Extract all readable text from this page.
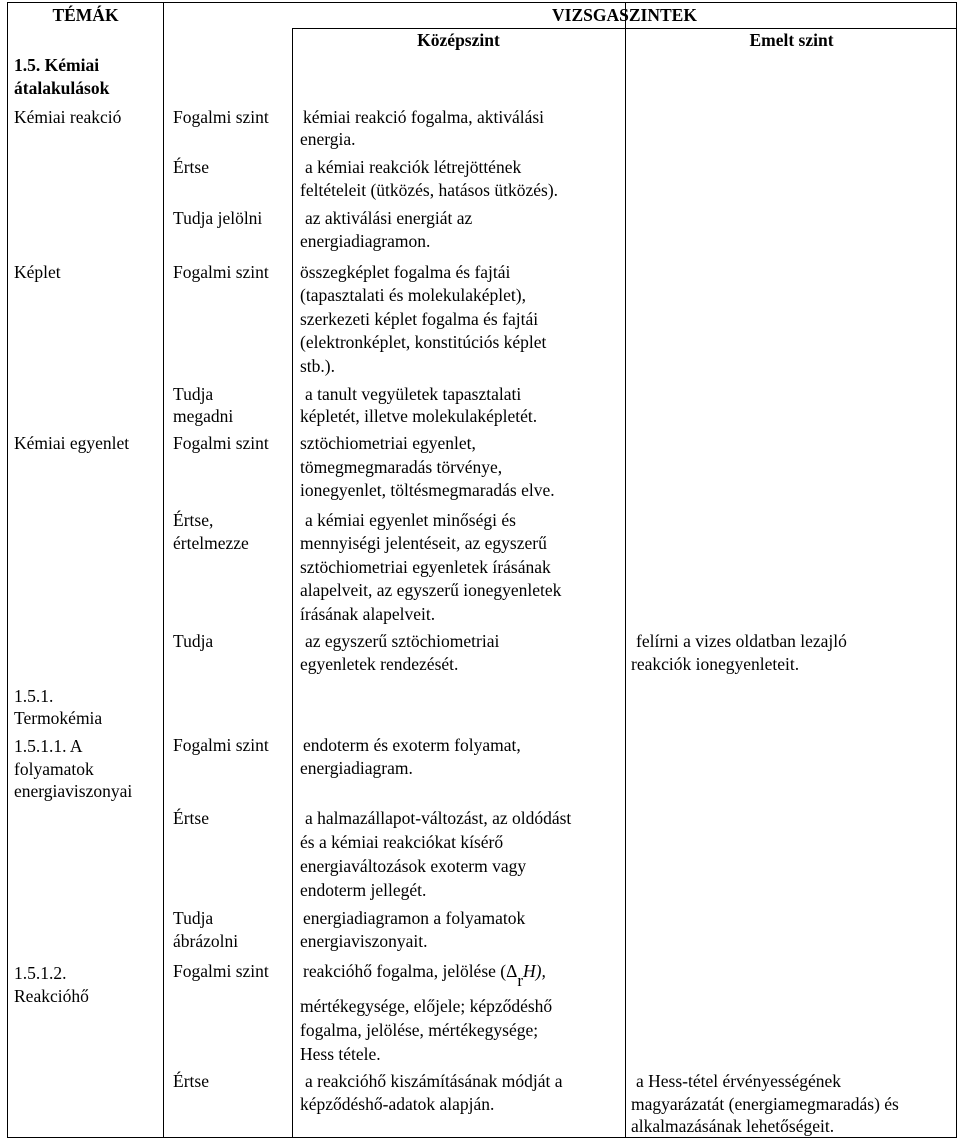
TÉMÁK	VIZSGASZINTEK
Középszint	Emelt szint
1.5. Kémiai
átalakulások
Kémiai reakció
Képlet
Kémiai egyenlet
1.5.1.
Termokémia
1.5.1.1. A
folyamatok
energiaviszonyai
1.5.1.2.
Reakcióhő
Fogalmi szint
Értse
Tudja jelölni
Fogalmi szint
Tudja
megadni
Fogalmi szint
Értse,
értelmezze
Tudja
Fogalmi szint
Értse
Tudja
ábrázolni
Fogalmi szint
Értse
kémiai reakció fogalma, aktiválási
energia.
a kémiai reakciók létrejöttének
feltételeit (ütközés, hatásos ütközés).
az aktiválási energiát az
energiadiagramon.
összegképlet fogalma és fajtái
(tapasztalati és molekulaképlet),
szerkezeti képlet fogalma és fajtái
(elektronképlet, konstitúciós képlet
stb.).
a tanult vegyületek tapasztalati
képletét, illetve molekulaképletét.
sztöchiometriai egyenlet,
tömegmegmaradás törvénye,
ionegyenlet, töltésmegmaradás elve.
a kémiai egyenlet minőségi és
mennyiségi jelentéseit, az egyszerű
sztöchiometriai egyenletek írásának
alapelveit, az egyszerű ionegyenletek
írásának alapelveit.
az egyszerű sztöchiometriai
egyenletek rendezését.
endoterm és exoterm folyamat,
energiadiagram.
a halmazállapot-változást, az oldódást
és a kémiai reakciókat kísérő
energiaváltozások exoterm vagy
endoterm jellegét.
energiadiagramon a folyamatok
energiaviszonyait.
reakcióhő fogalma, jelölése (ΔrH),
mértékegysége, előjele; képződéshő
fogalma, jelölése, mértékegysége;
Hess tétele.
a reakcióhő kiszámításának módját a
képződéshő-adatok alapján.
felírni a vizes oldatban lezajló
reakciók ionegyenleteit.
a Hess-tétel érvényességének
magyarázatát (energiamegmaradás) és
alkalmazásának lehetőségeit.
